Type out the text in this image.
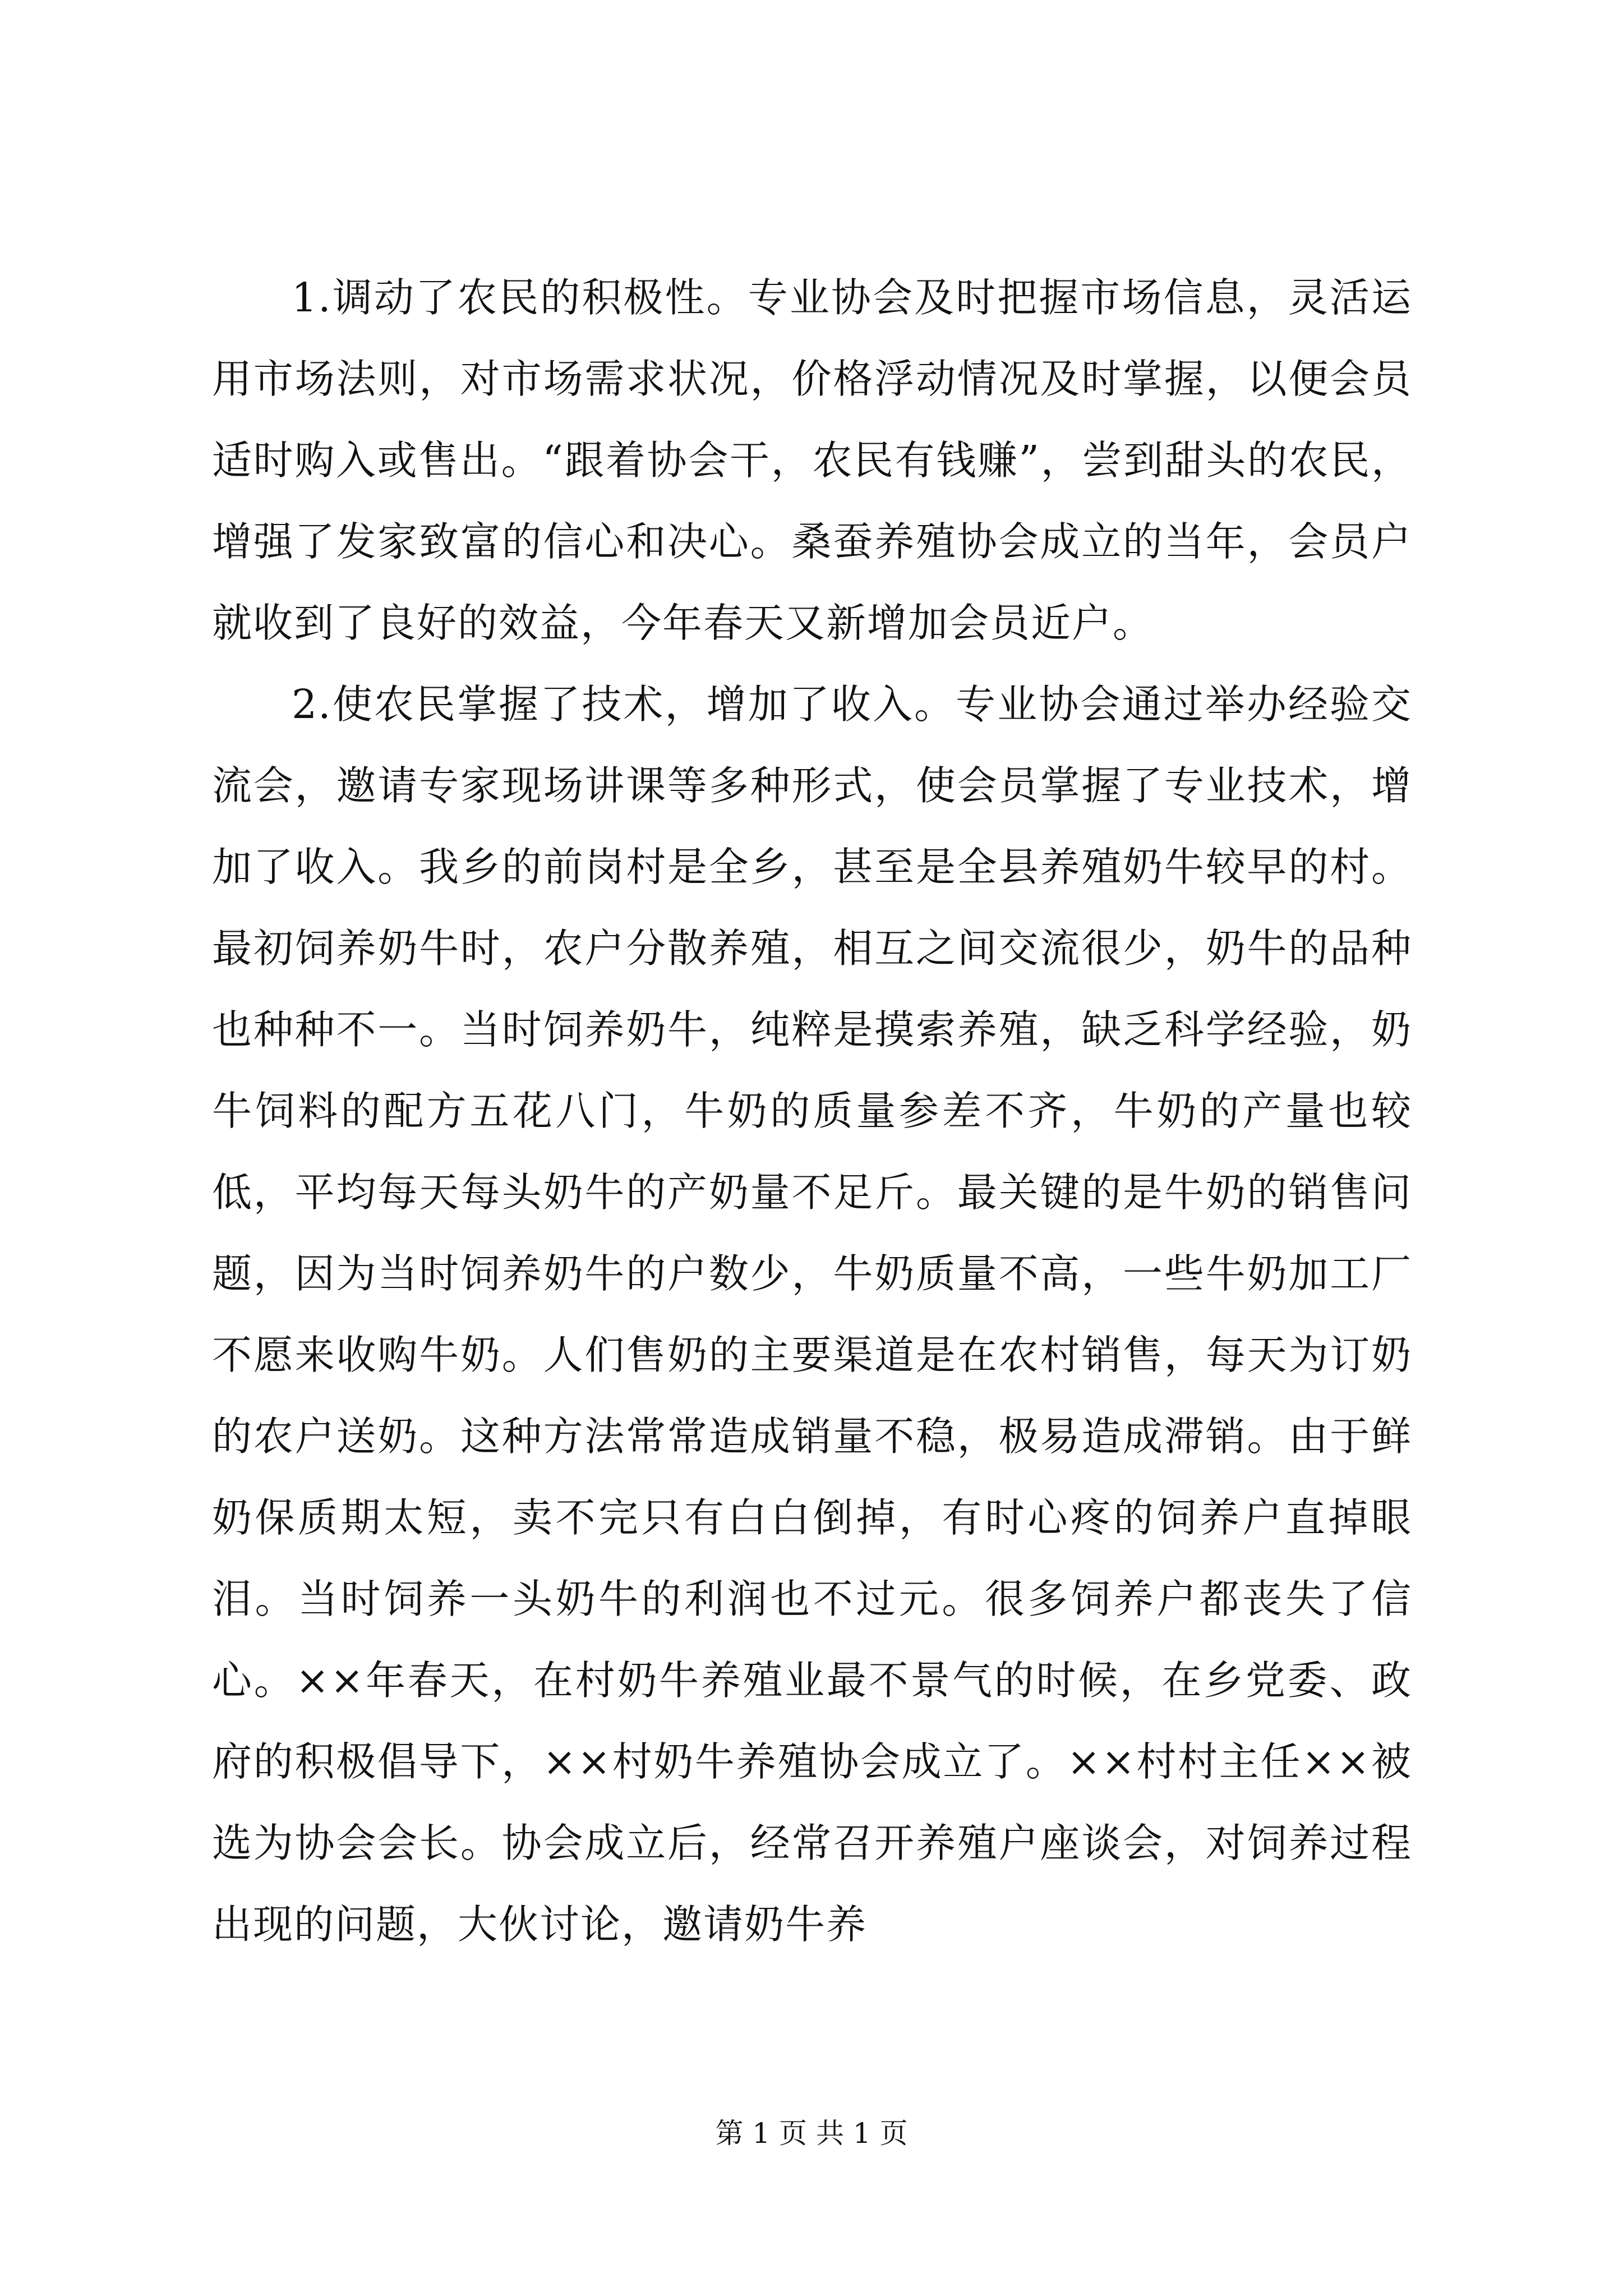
1.调动了农民的积极性。专业协会及时把握市场信息，灵活运用市场法则，对市场需求状况，价格浮动情况及时掌握，以便会员适时购入或售出。“跟着协会干，农民有钱赚”，尝到甜头的农民，增强了发家致富的信心和决心。桑蚕养殖协会成立的当年，会员户就收到了良好的效益，今年春天又新增加会员近户。

2.使农民掌握了技术，增加了收入。专业协会通过举办经验交流会，邀请专家现场讲课等多种形式，使会员掌握了专业技术，增加了收入。我乡的前岗村是全乡，甚至是全县养殖奶牛较早的村。最初饲养奶牛时，农户分散养殖，相互之间交流很少，奶牛的品种也种种不一。当时饲养奶牛，纯粹是摸索养殖，缺乏科学经验，奶牛饲料的配方五花八门，牛奶的质量参差不齐，牛奶的产量也较低，平均每天每头奶牛的产奶量不足斤。最关键的是牛奶的销售问题，因为当时饲养奶牛的户数少，牛奶质量不高，一些牛奶加工厂不愿来收购牛奶。人们售奶的主要渠道是在农村销售，每天为订奶的农户送奶。这种方法常常造成销量不稳，极易造成滞销。由于鲜奶保质期太短，卖不完只有白白倒掉，有时心疼的饲养户直掉眼泪。当时饲养一头奶牛的利润也不过元。很多饲养户都丧失了信心。××年春天，在村奶牛养殖业最不景气的时候，在乡党委、政府的积极倡导下，××村奶牛养殖协会成立了。××村村主任××被选为协会会长。协会成立后，经常召开养殖户座谈会，对饲养过程出现的问题，大伙讨论，邀请奶牛养

第 1 页 共 1 页
